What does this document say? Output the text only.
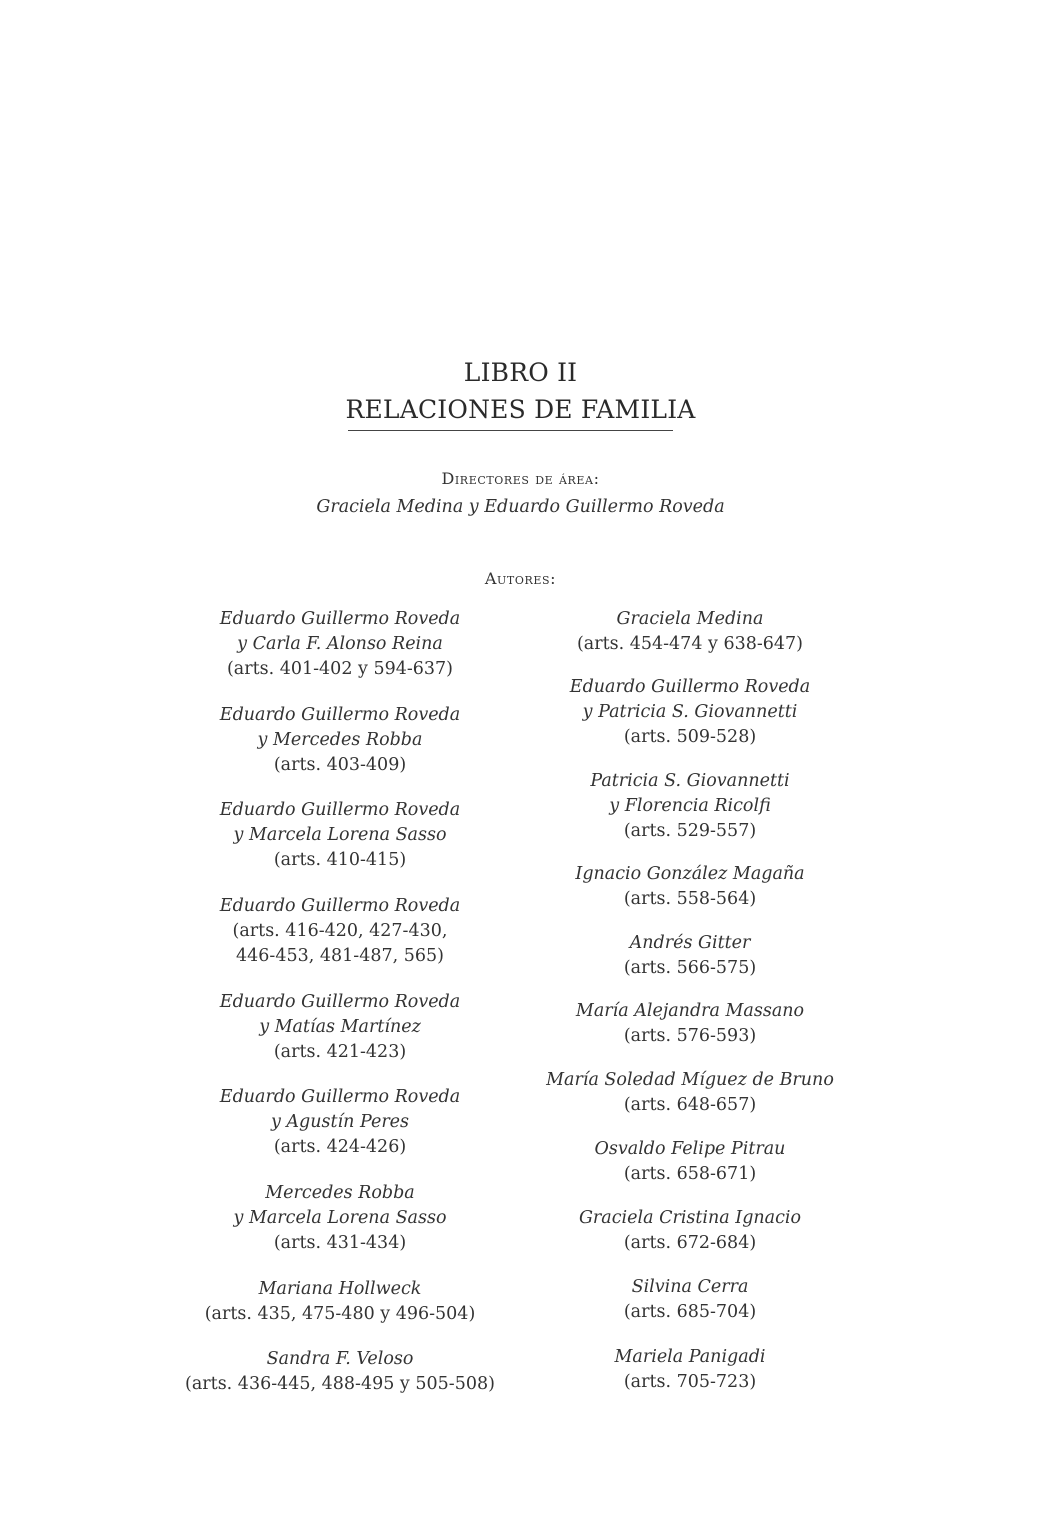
LIBRO II
RELACIONES DE FAMILIA
Directores de área:
Graciela Medina y Eduardo Guillermo Roveda
Autores:
Eduardo Guillermo Roveda
y Carla F. Alonso Reina
(arts. 401-402 y 594-637)
Eduardo Guillermo Roveda
y Mercedes Robba
(arts. 403-409)
Eduardo Guillermo Roveda
y Marcela Lorena Sasso
(arts. 410-415)
Eduardo Guillermo Roveda
(arts. 416-420, 427-430,
446-453, 481-487, 565)
Eduardo Guillermo Roveda
y Matías Martínez
(arts. 421-423)
Eduardo Guillermo Roveda
y Agustín Peres
(arts. 424-426)
Mercedes Robba
y Marcela Lorena Sasso
(arts. 431-434)
Mariana Hollweck
(arts. 435, 475-480 y 496-504)
Sandra F. Veloso
(arts. 436-445, 488-495 y 505-508)
Graciela Medina
(arts. 454-474 y 638-647)
Eduardo Guillermo Roveda
y Patricia S. Giovannetti
(arts. 509-528)
Patricia S. Giovannetti
y Florencia Ricolfi
(arts. 529-557)
Ignacio González Magaña
(arts. 558-564)
Andrés Gitter
(arts. 566-575)
María Alejandra Massano
(arts. 576-593)
María Soledad Míguez de Bruno
(arts. 648-657)
Osvaldo Felipe Pitrau
(arts. 658-671)
Graciela Cristina Ignacio
(arts. 672-684)
Silvina Cerra
(arts. 685-704)
Mariela Panigadi
(arts. 705-723)
